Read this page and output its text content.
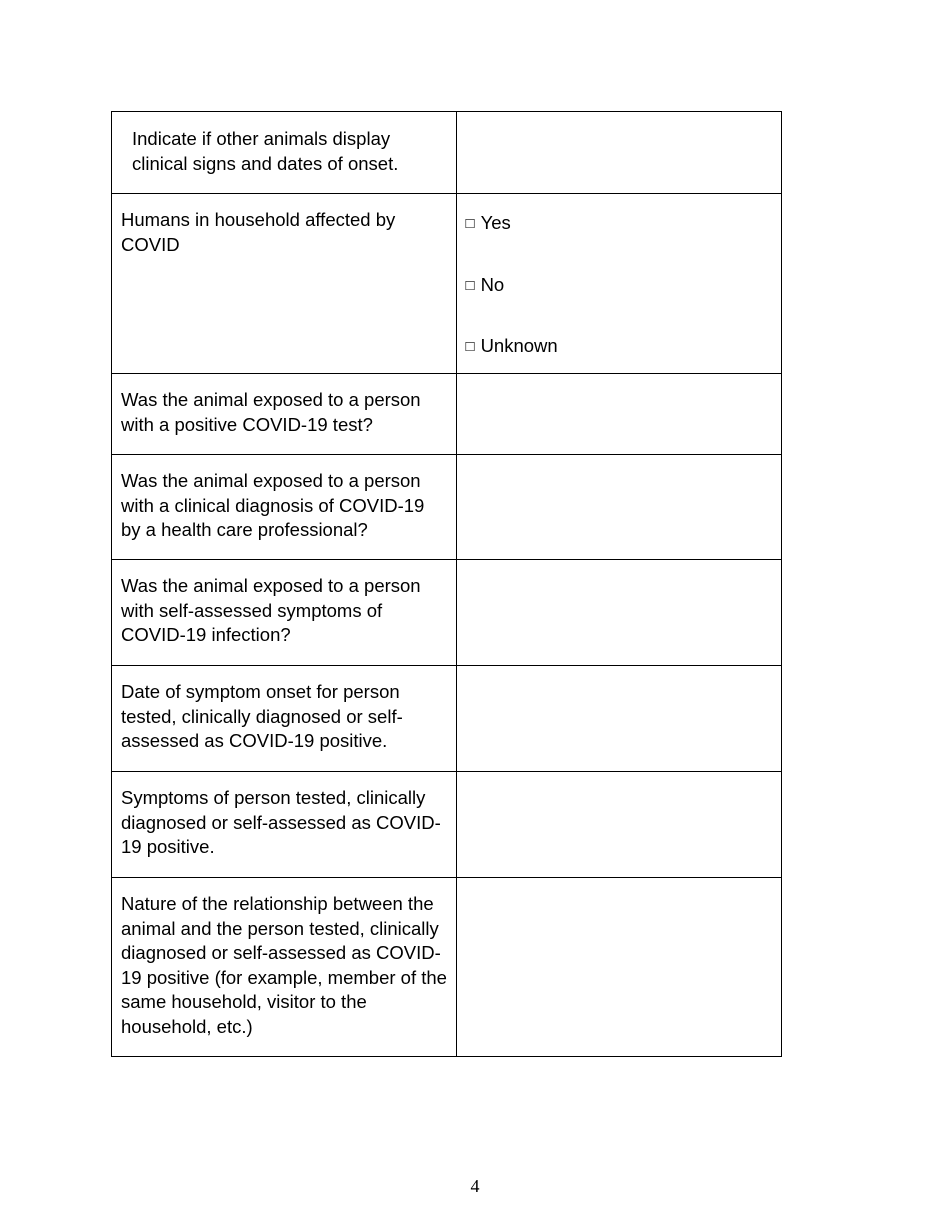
Indicate if other animals display clinical signs and dates of onset.	

Humans in household affected by COVID	□ Yes
□ No
□ Unknown

Was the animal exposed to a person with a positive COVID-19 test?	

Was the animal exposed to a person with a clinical diagnosis of COVID-19 by a health care professional?	

Was the animal exposed to a person with self-assessed symptoms of COVID-19 infection?	

Date of symptom onset for person tested, clinically diagnosed or self-assessed as COVID-19 positive.	

Symptoms of person tested, clinically diagnosed or self-assessed as COVID-19 positive.	

Nature of the relationship between the animal and the person tested, clinically diagnosed or self-assessed as COVID-19 positive (for example, member of the same household, visitor to the household, etc.)	

4
